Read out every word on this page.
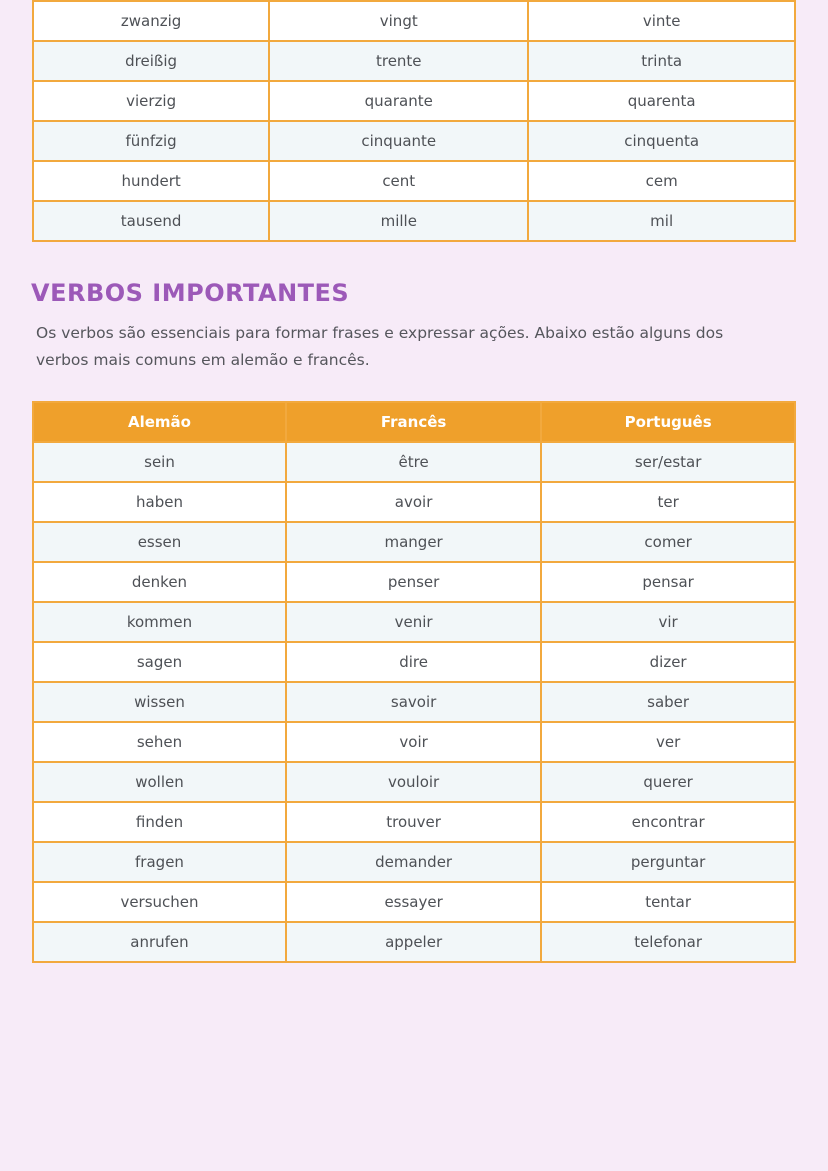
zwanzig	vingt	vinte
dreißig	trente	trinta
vierzig	quarante	quarenta
fünfzig	cinquante	cinquenta
hundert	cent	cem
tausend	mille	mil
VERBOS IMPORTANTES

Os verbos são essenciais para formar frases e expressar ações. Abaixo estão alguns dos verbos mais comuns em alemão e francês.

Alemão	Francês	Português
sein	être	ser/estar
haben	avoir	ter
essen	manger	comer
denken	penser	pensar
kommen	venir	vir
sagen	dire	dizer
wissen	savoir	saber
sehen	voir	ver
wollen	vouloir	querer
finden	trouver	encontrar
fragen	demander	perguntar
versuchen	essayer	tentar
anrufen	appeler	telefonar
